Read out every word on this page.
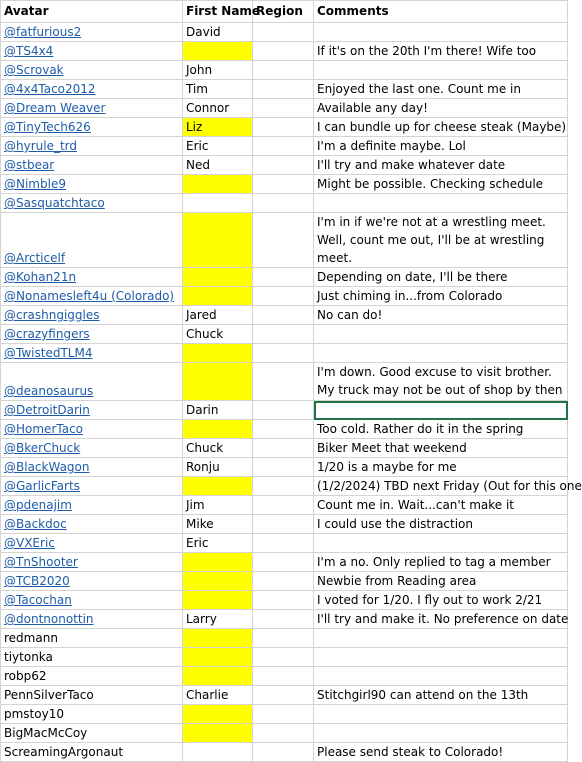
Avatar	First Name	Region	Comments
@fatfurious2	David		
@TS4x4			If it's on the 20th I'm there! Wife too
@Scrovak	John		
@4x4Taco2012	Tim		Enjoyed the last one. Count me in
@Dream Weaver	Connor		Available any day!
@TinyTech626	Liz		I can bundle up for cheese steak (Maybe)
@hyrule_trd	Eric		I'm a definite maybe. Lol
@stbear	Ned		I'll try and make whatever date
@Nimble9			Might be possible. Checking schedule
@Sasquatchtaco			
@Arcticelf			I'm in if we're not at a wrestling meet. Well, count me out, I'll be at wrestling meet.
@Kohan21n			Depending on date, I'll be there
@Nonamesleft4u (Colorado)			Just chiming in...from Colorado
@crashngiggles	Jared		No can do!
@crazyfingers	Chuck		
@TwistedTLM4			
@deanosaurus			I'm down. Good excuse to visit brother. My truck may not be out of shop by then
@DetroitDarin	Darin		
@HomerTaco			Too cold. Rather do it in the spring
@BkerChuck	Chuck		Biker Meet that weekend
@BlackWagon	Ronju		1/20 is a maybe for me
@GarlicFarts			(1/2/2024) TBD next Friday (Out for this one
@pdenajim	Jim		Count me in. Wait...can't make it
@Backdoc	Mike		I could use the distraction
@VXEric	Eric		
@TnShooter			I'm a no. Only replied to tag a member
@TCB2020			Newbie from Reading area
@Tacochan			I voted for 1/20. I fly out to work 2/21
@dontnonottin	Larry		I'll try and make it. No preference on date
redmann			
tiytonka			
robp62			
PennSilverTaco	Charlie		Stitchgirl90 can attend on the 13th
pmstoy10			
BigMacMcCoy			
ScreamingArgonaut			Please send steak to Colorado!
